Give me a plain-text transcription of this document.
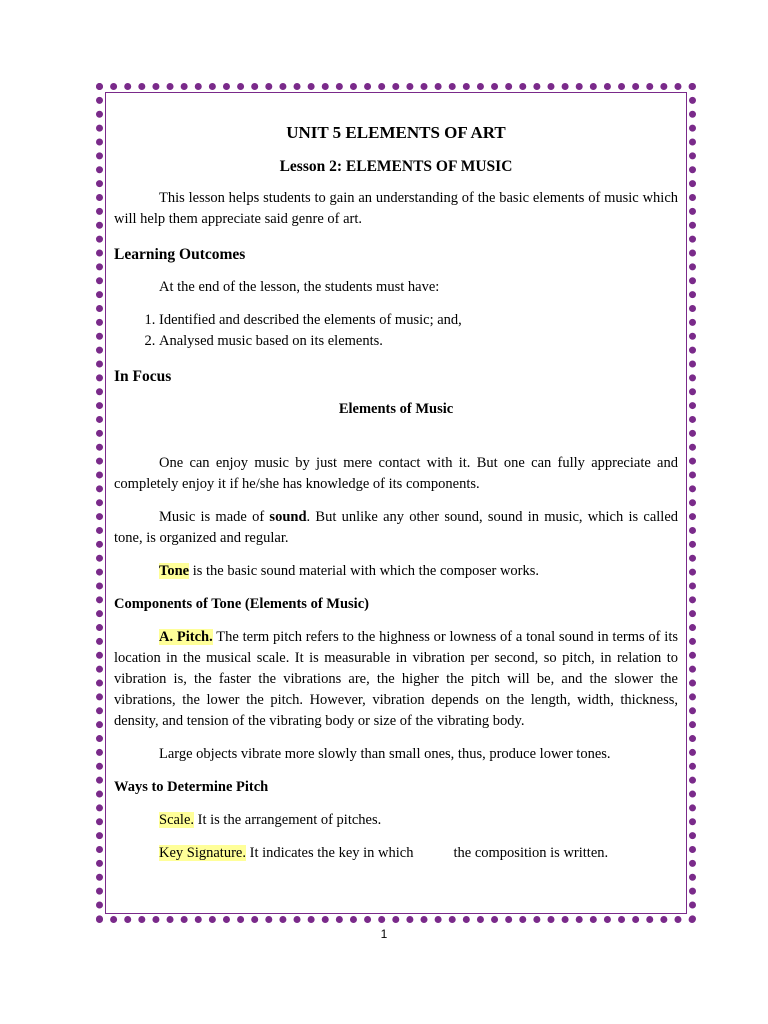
UNIT 5 ELEMENTS OF ART
Lesson 2: ELEMENTS OF MUSIC

This lesson helps students to gain an understanding of the basic elements of music which will help them appreciate said genre of art.

Learning Outcomes

At the end of the lesson, the students must have:

1. Identified and described the elements of music; and,
2. Analysed music based on its elements.
In Focus
Elements of Music

One can enjoy music by just mere contact with it. But one can fully appreciate and completely enjoy it if he/she has knowledge of its components.

Music is made of sound. But unlike any other sound, sound in music, which is called tone, is organized and regular.

Tone is the basic sound material with which the composer works.

Components of Tone (Elements of Music)

A. Pitch. The term pitch refers to the highness or lowness of a tonal sound in terms of its location in the musical scale. It is measurable in vibration per second, so pitch, in relation to vibration is, the faster the vibrations are, the higher the pitch will be, and the slower the vibrations, the lower the pitch. However, vibration depends on the length, width, thickness, density, and tension of the vibrating body or size of the vibrating body.

Large objects vibrate more slowly than small ones, thus, produce lower tones.

Ways to Determine Pitch

Scale. It is the arrangement of pitches.

Key Signature. It indicates the key in which	the composition is written.

1
